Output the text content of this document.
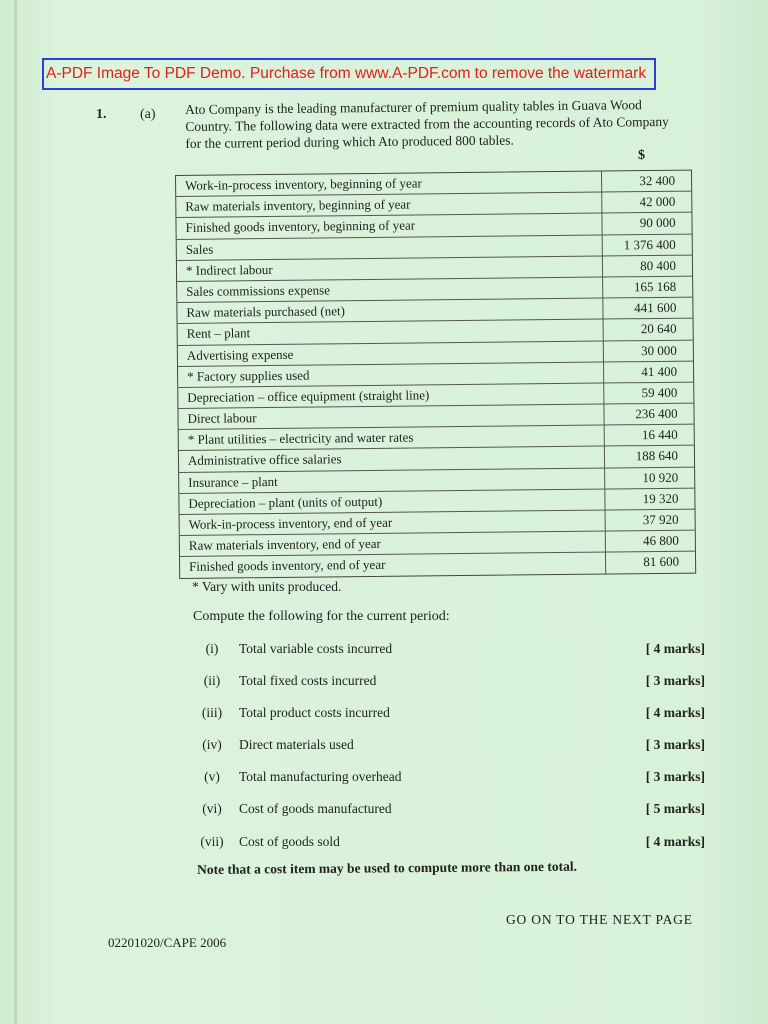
A-PDF Image To PDF Demo. Purchase from www.A-PDF.com to remove the watermark
1. (a) Ato Company is the leading manufacturer of premium quality tables in Guava Wood
Country. The following data were extracted from the accounting records of Ato Company
for the current period during which Ato produced 800 tables.
$
Work-in-process inventory, beginning of year	32 400
Raw materials inventory, beginning of year	42 000
Finished goods inventory, beginning of year	90 000
Sales	1 376 400
* Indirect labour	80 400
Sales commissions expense	165 168
Raw materials purchased (net)	441 600
Rent – plant	20 640
Advertising expense	30 000
* Factory supplies used	41 400
Depreciation – office equipment (straight line)	59 400
Direct labour	236 400
* Plant utilities – electricity and water rates	16 440
Administrative office salaries	188 640
Insurance – plant	10 920
Depreciation – plant (units of output)	19 320
Work-in-process inventory, end of year	37 920
Raw materials inventory, end of year	46 800
Finished goods inventory, end of year	81 600
* Vary with units produced.
Compute the following for the current period:
(i)	Total variable costs incurred	[ 4 marks]
(ii)	Total fixed costs incurred	[ 3 marks]
(iii)	Total product costs incurred	[ 4 marks]
(iv)	Direct materials used	[ 3 marks]
(v)	Total manufacturing overhead	[ 3 marks]
(vi)	Cost of goods manufactured	[ 5 marks]
(vii)	Cost of goods sold	[ 4 marks]
Note that a cost item may be used to compute more than one total.
GO ON TO THE NEXT PAGE
02201020/CAPE 2006
